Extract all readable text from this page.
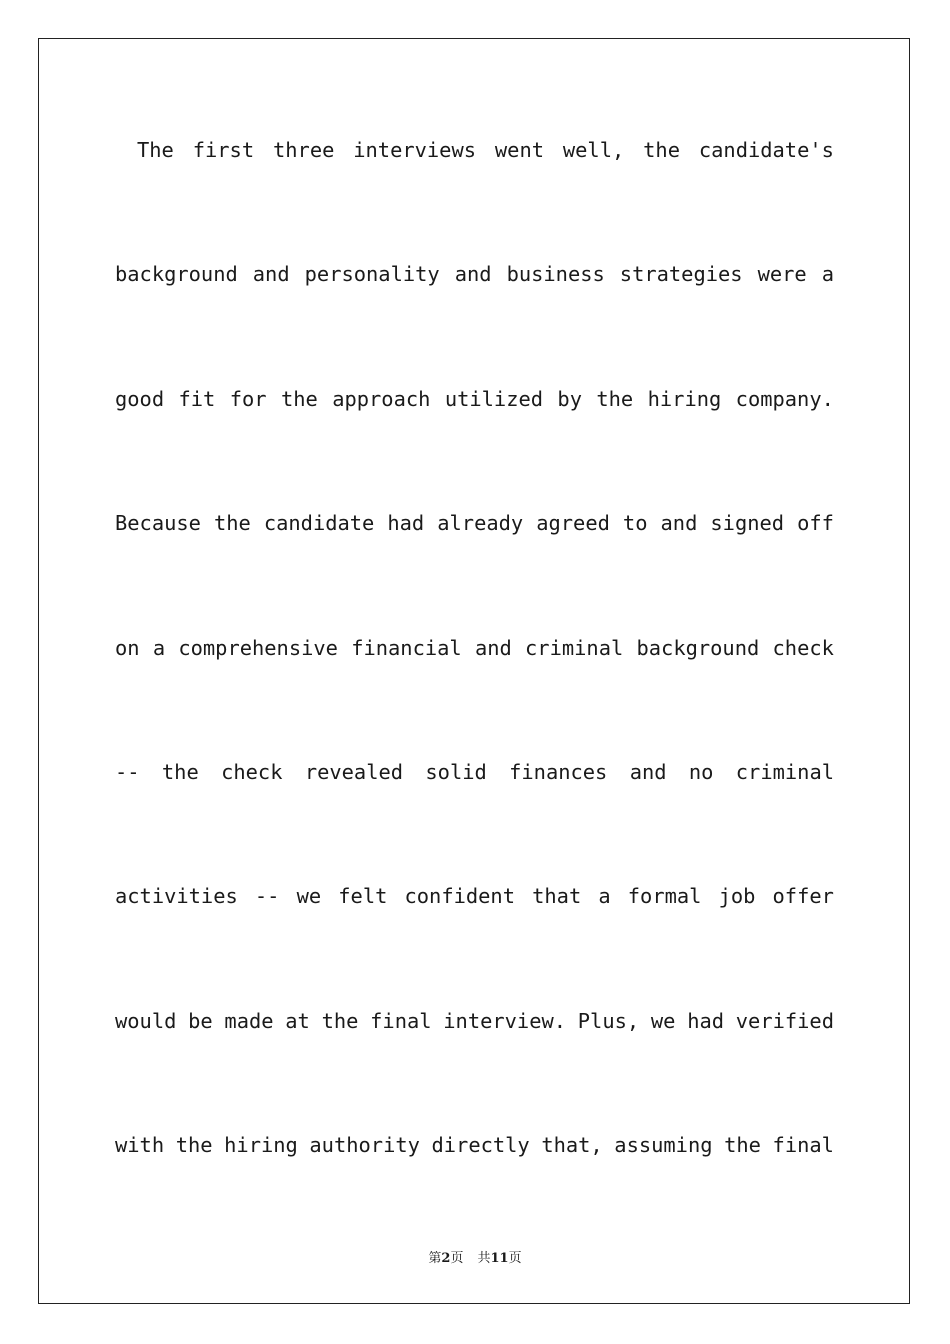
The first three interviews went well, the candidate's
background and personality and business strategies were a
good fit for the approach utilized by the hiring company.
Because the candidate had already agreed to and signed off
on a comprehensive financial and criminal background check
-- the check revealed solid finances and no criminal
activities -- we felt confident that a formal job offer
would be made at the final interview. Plus, we had verified
with the hiring authority directly that, assuming the final
第2页 共11页
